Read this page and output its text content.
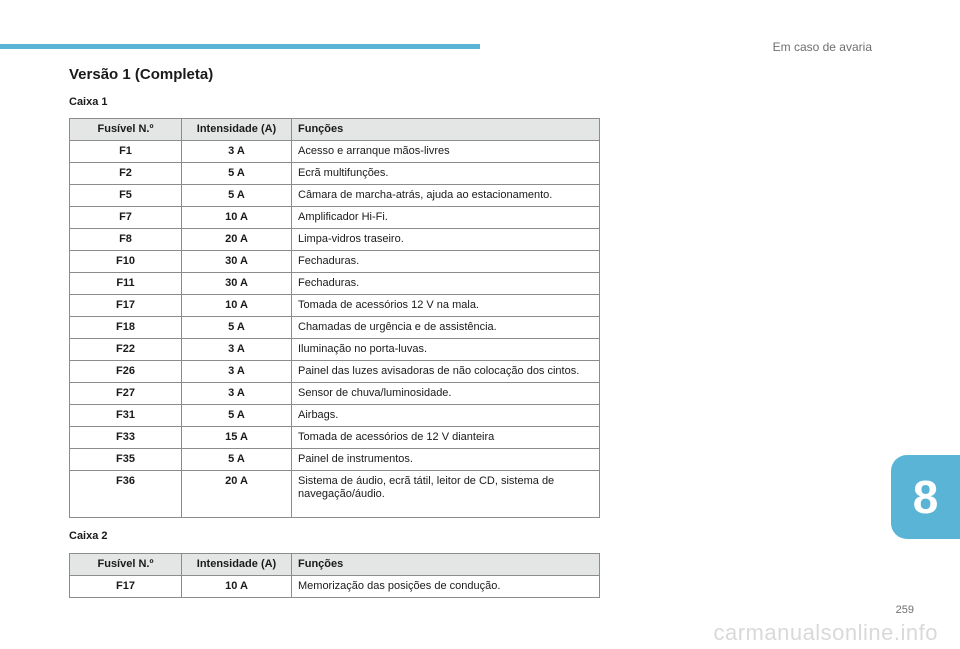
Em caso de avaria
Versão 1 (Completa)
Caixa 1
Fusível N.º	Intensidade (A)	Funções
F1	3 A	Acesso e arranque mãos-livres
F2	5 A	Ecrã multifunções.
F5	5 A	Câmara de marcha-atrás, ajuda ao estacionamento.
F7	10 A	Amplificador Hi-Fi.
F8	20 A	Limpa-vidros traseiro.
F10	30 A	Fechaduras.
F11	30 A	Fechaduras.
F17	10 A	Tomada de acessórios 12 V na mala.
F18	5 A	Chamadas de urgência e de assistência.
F22	3 A	Iluminação no porta-luvas.
F26	3 A	Painel das luzes avisadoras de não colocação dos cintos.
F27	3 A	Sensor de chuva/luminosidade.
F31	5 A	Airbags.
F33	15 A	Tomada de acessórios de 12 V dianteira
F35	5 A	Painel de instrumentos.
F36	20 A	Sistema de áudio, ecrã tátil, leitor de CD, sistema de navegação/áudio.
Caixa 2
Fusível N.º	Intensidade (A)	Funções
F17	10 A	Memorização das posições de condução.
8
259
carmanualsonline.info
